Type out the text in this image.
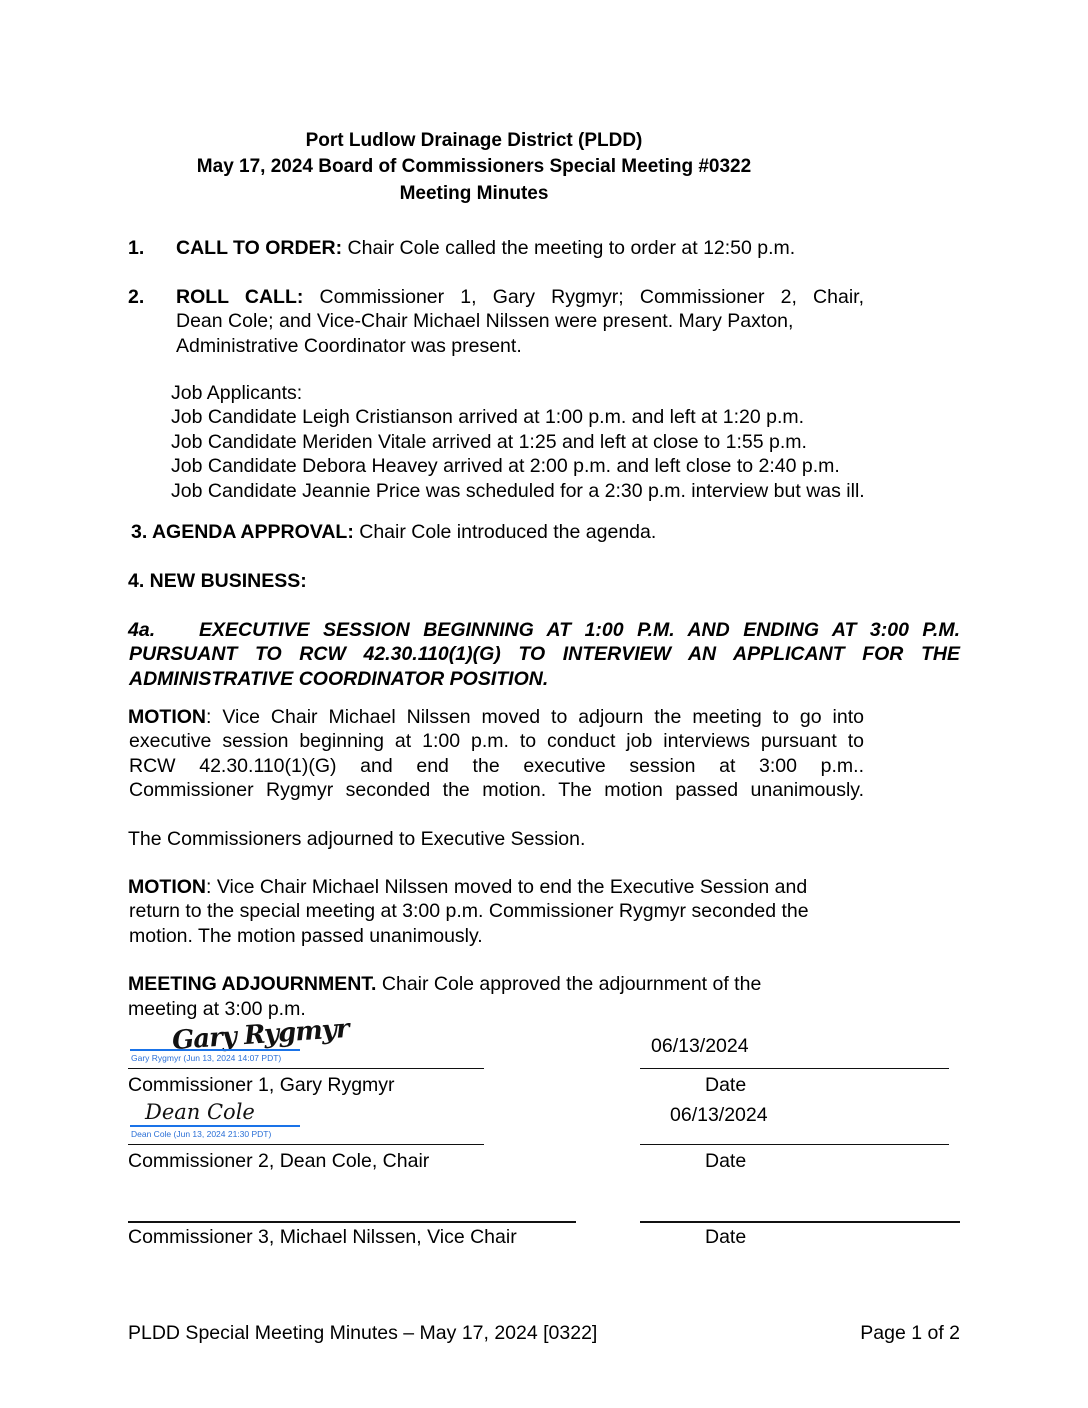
Port Ludlow Drainage District (PLDD)
May 17, 2024 Board of Commissioners Special Meeting #0322
Meeting Minutes
1. CALL TO ORDER: Chair Cole called the meeting to order at 12:50 p.m.
2. ROLL CALL: Commissioner 1, Gary Rygmyr; Commissioner 2, Chair,
Dean Cole; and Vice-Chair Michael Nilssen were present. Mary Paxton,
Administrative Coordinator was present.
Job Applicants:
Job Candidate Leigh Cristianson arrived at 1:00 p.m. and left at 1:20 p.m.
Job Candidate Meriden Vitale arrived at 1:25 and left at close to 1:55 p.m.
Job Candidate Debora Heavey arrived at 2:00 p.m. and left close to 2:40 p.m.
Job Candidate Jeannie Price was scheduled for a 2:30 p.m. interview but was ill.
3. AGENDA APPROVAL: Chair Cole introduced the agenda.
4. NEW BUSINESS:
4a. EXECUTIVE SESSION BEGINNING AT 1:00 P.M. AND ENDING AT 3:00 P.M.
PURSUANT TO RCW 42.30.110(1)(G) TO INTERVIEW AN APPLICANT FOR THE
ADMINISTRATIVE COORDINATOR POSITION.
MOTION: Vice Chair Michael Nilssen moved to adjourn the meeting to go into
executive session beginning at 1:00 p.m. to conduct job interviews pursuant to
RCW 42.30.110(1)(G) and end the executive session at 3:00 p.m..
Commissioner Rygmyr seconded the motion. The motion passed unanimously.
The Commissioners adjourned to Executive Session.
MOTION: Vice Chair Michael Nilssen moved to end the Executive Session and
return to the special meeting at 3:00 p.m. Commissioner Rygmyr seconded the
motion. The motion passed unanimously.
MEETING ADJOURNMENT. Chair Cole approved the adjournment of the
meeting at 3:00 p.m.
Gary Rygmyr
Gary Rygmyr (Jun 13, 2024 14:07 PDT)
Commissioner 1, Gary Rygmyr
06/13/2024
Date
Dean Cole
Dean Cole (Jun 13, 2024 21:30 PDT)
Commissioner 2, Dean Cole, Chair
06/13/2024
Date
Commissioner 3, Michael Nilssen, Vice Chair	Date
PLDD Special Meeting Minutes – May 17, 2024 [0322]	Page 1 of 2
